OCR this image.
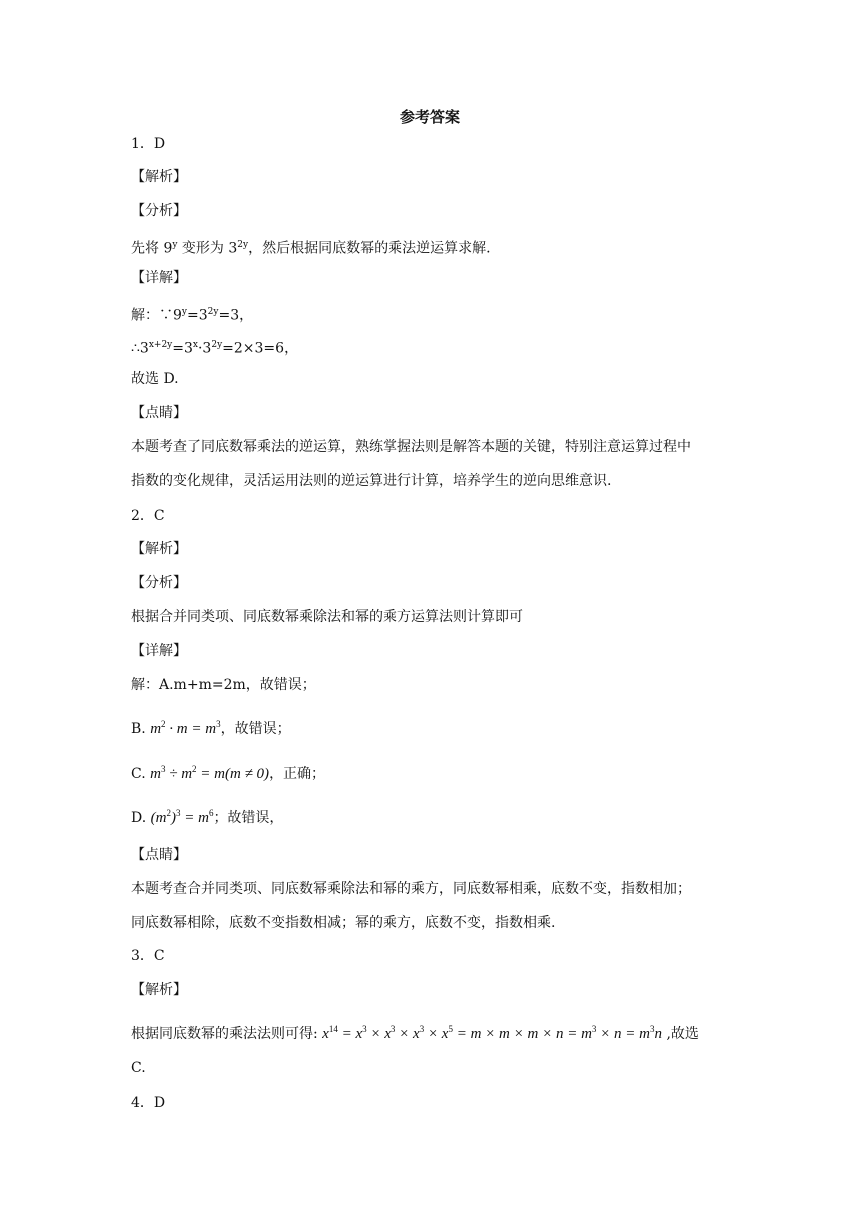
参考答案
1．D
【解析】
【分析】
先将 9$^y$ 变形为 $3^{2y}$，然后根据同底数幂的乘法逆运算求解.
【详解】
解：$\because 9^y=3^{2y}=3$，
$\therefore 3^{x+2y}=3^x\cdot 3^{2y}=2\times 3=6$，
故选 D.
【点睛】
本题考查了同底数幂乘法的逆运算，熟练掌握法则是解答本题的关键，特别注意运算过程中
指数的变化规律，灵活运用法则的逆运算进行计算，培养学生的逆向思维意识.
2．C
【解析】
【分析】
根据合并同类项、同底数幂乘除法和幂的乘方运算法则计算即可
【详解】
解：A.m+m=2m，故错误；
B. $m^2 \cdot m = m^3$，故错误；
C. $m^3 \div m^2 = m(m \ne 0)$，正确；
D. $(m^2)^3 = m^6$；故错误，
【点睛】
本题考查合并同类项、同底数幂乘除法和幂的乘方，同底数幂相乘，底数不变，指数相加；
同底数幂相除，底数不变指数相减；幂的乘方，底数不变，指数相乘.
3．C
【解析】
根据同底数幂的乘法法则可得: $x^{14} = x^3 \times x^3 \times x^3 \times x^5 = m \times m \times m \times n = m^3 \times n = m^3n$ ,故选
C.
4．D
